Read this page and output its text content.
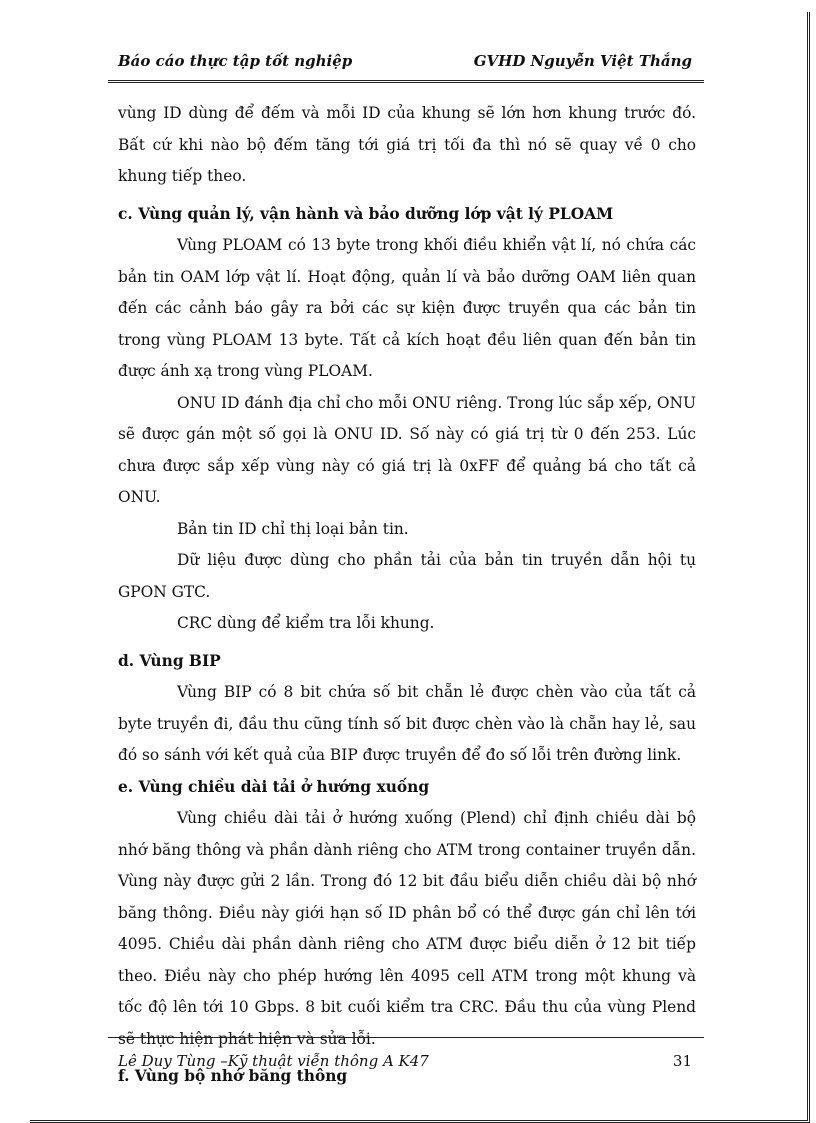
Báo cáo thực tập tốt nghiệp	GVHD Nguyễn Việt Thắng

vùng ID dùng để đếm và mỗi ID của khung sẽ lớn hơn khung trước đó. Bất cứ khi nào bộ đếm tăng tới giá trị tối đa thì nó sẽ quay về 0 cho khung tiếp theo.

c. Vùng quản lý, vận hành và bảo dưỡng lớp vật lý PLOAM

Vùng PLOAM có 13 byte trong khối điều khiển vật lí, nó chứa các bản tin OAM lớp vật lí. Hoạt động, quản lí và bảo dưỡng OAM liên quan đến các cảnh báo gây ra bởi các sự kiện được truyền qua các bản tin trong vùng PLOAM 13 byte. Tất cả kích hoạt đều liên quan đến bản tin được ánh xạ trong vùng PLOAM.

ONU ID đánh địa chỉ cho mỗi ONU riêng. Trong lúc sắp xếp, ONU sẽ được gán một số gọi là ONU ID. Số này có giá trị từ 0 đến 253. Lúc chưa được sắp xếp vùng này có giá trị là 0xFF để quảng bá cho tất cả ONU.

Bản tin ID chỉ thị loại bản tin.

Dữ liệu được dùng cho phần tải của bản tin truyền dẫn hội tụ GPON GTC.

CRC dùng để kiểm tra lỗi khung.

d. Vùng BIP

Vùng BIP có 8 bit chứa số bit chẵn lẻ được chèn vào của tất cả byte truyền đi, đầu thu cũng tính số bit được chèn vào là chẵn hay lẻ, sau đó so sánh với kết quả của BIP được truyền để đo số lỗi trên đường link.

e. Vùng chiều dài tải ở hướng xuống

Vùng chiều dài tải ở hướng xuống (Plend) chỉ định chiều dài bộ nhớ băng thông và phần dành riêng cho ATM trong container truyền dẫn. Vùng này được gửi 2 lần. Trong đó 12 bit đầu biểu diễn chiều dài bộ nhớ băng thông. Điều này giới hạn số ID phân bổ có thể được gán chỉ lên tới 4095. Chiều dài phần dành riêng cho ATM được biểu diễn ở 12 bit tiếp theo. Điều này cho phép hướng lên 4095 cell ATM trong một khung và tốc độ lên tới 10 Gbps. 8 bit cuối kiểm tra CRC. Đầu thu của vùng Plend sẽ thực hiện phát hiện và sửa lỗi.

f. Vùng bộ nhớ băng thông

Lê Duy Tùng –Kỹ thuật viễn thông A K47	31
